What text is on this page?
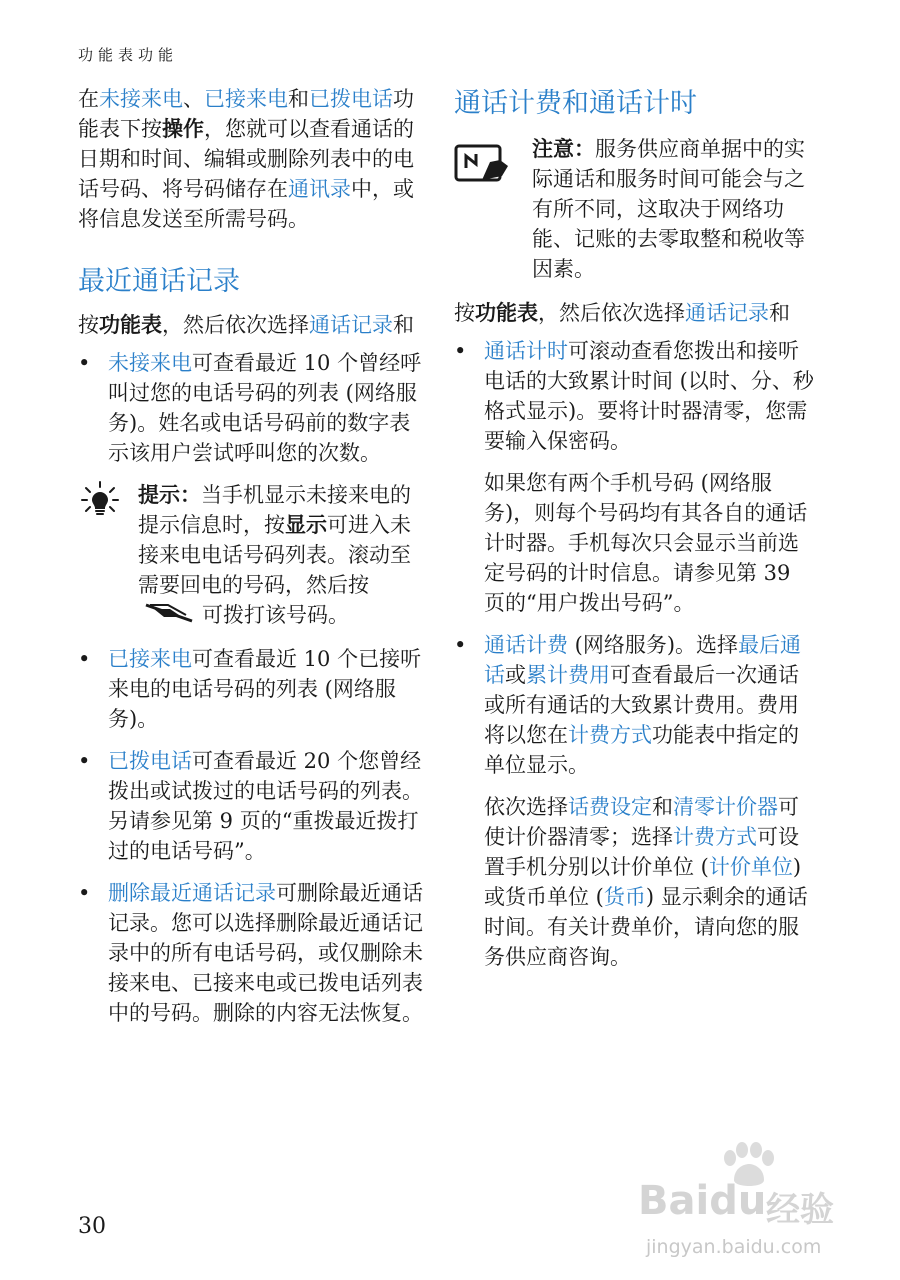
功能表功能

在未接来电、已接来电和已拨电话功能表下按操作，您就可以查看通话的日期和时间、编辑或删除列表中的电话号码、将号码储存在通讯录中，或将信息发送至所需号码。

最近通话记录

按功能表，然后依次选择通话记录和

• 未接来电可查看最近 10 个曾经呼叫过您的电话号码的列表 (网络服务)。姓名或电话号码前的数字表示该用户尝试呼叫您的次数。

提示：当手机显示未接来电的提示信息时，按显示可进入未接来电电话号码列表。滚动至需要回电的号码，然后按可拨打该号码。

• 已接来电可查看最近 10 个已接听来电的电话号码的列表 (网络服务)。
• 已拨电话可查看最近 20 个您曾经拨出或试拨过的电话号码的列表。另请参见第 9 页的“重拨最近拨打过的电话号码”。
• 删除最近通话记录可删除最近通话记录。您可以选择删除最近通话记录中的所有电话号码，或仅删除未接来电、已接来电或已拨电话列表中的号码。删除的内容无法恢复。
通话计费和通话计时

注意：服务供应商单据中的实际通话和服务时间可能会与之有所不同，这取决于网络功能、记账的去零取整和税收等因素。

按功能表，然后依次选择通话记录和

• 通话计时可滚动查看您拨出和接听电话的大致累计时间 (以时、分、秒格式显示)。要将计时器清零，您需要输入保密码。

如果您有两个手机号码 (网络服务)，则每个号码均有其各自的通话计时器。手机每次只会显示当前选定号码的计时信息。请参见第 39 页的“用户拨出号码”。

• 通话计费 (网络服务)。选择最后通话或累计费用可查看最后一次通话或所有通话的大致累计费用。费用将以您在计费方式功能表中指定的单位显示。

依次选择话费设定和清零计价器可使计价器清零；选择计费方式可设置手机分别以计价单位 (计价单位) 或货币单位 (货币) 显示剩余的通话时间。有关计费单价，请向您的服务供应商咨询。

30
Baidu 经验
jingyan.baidu.com
